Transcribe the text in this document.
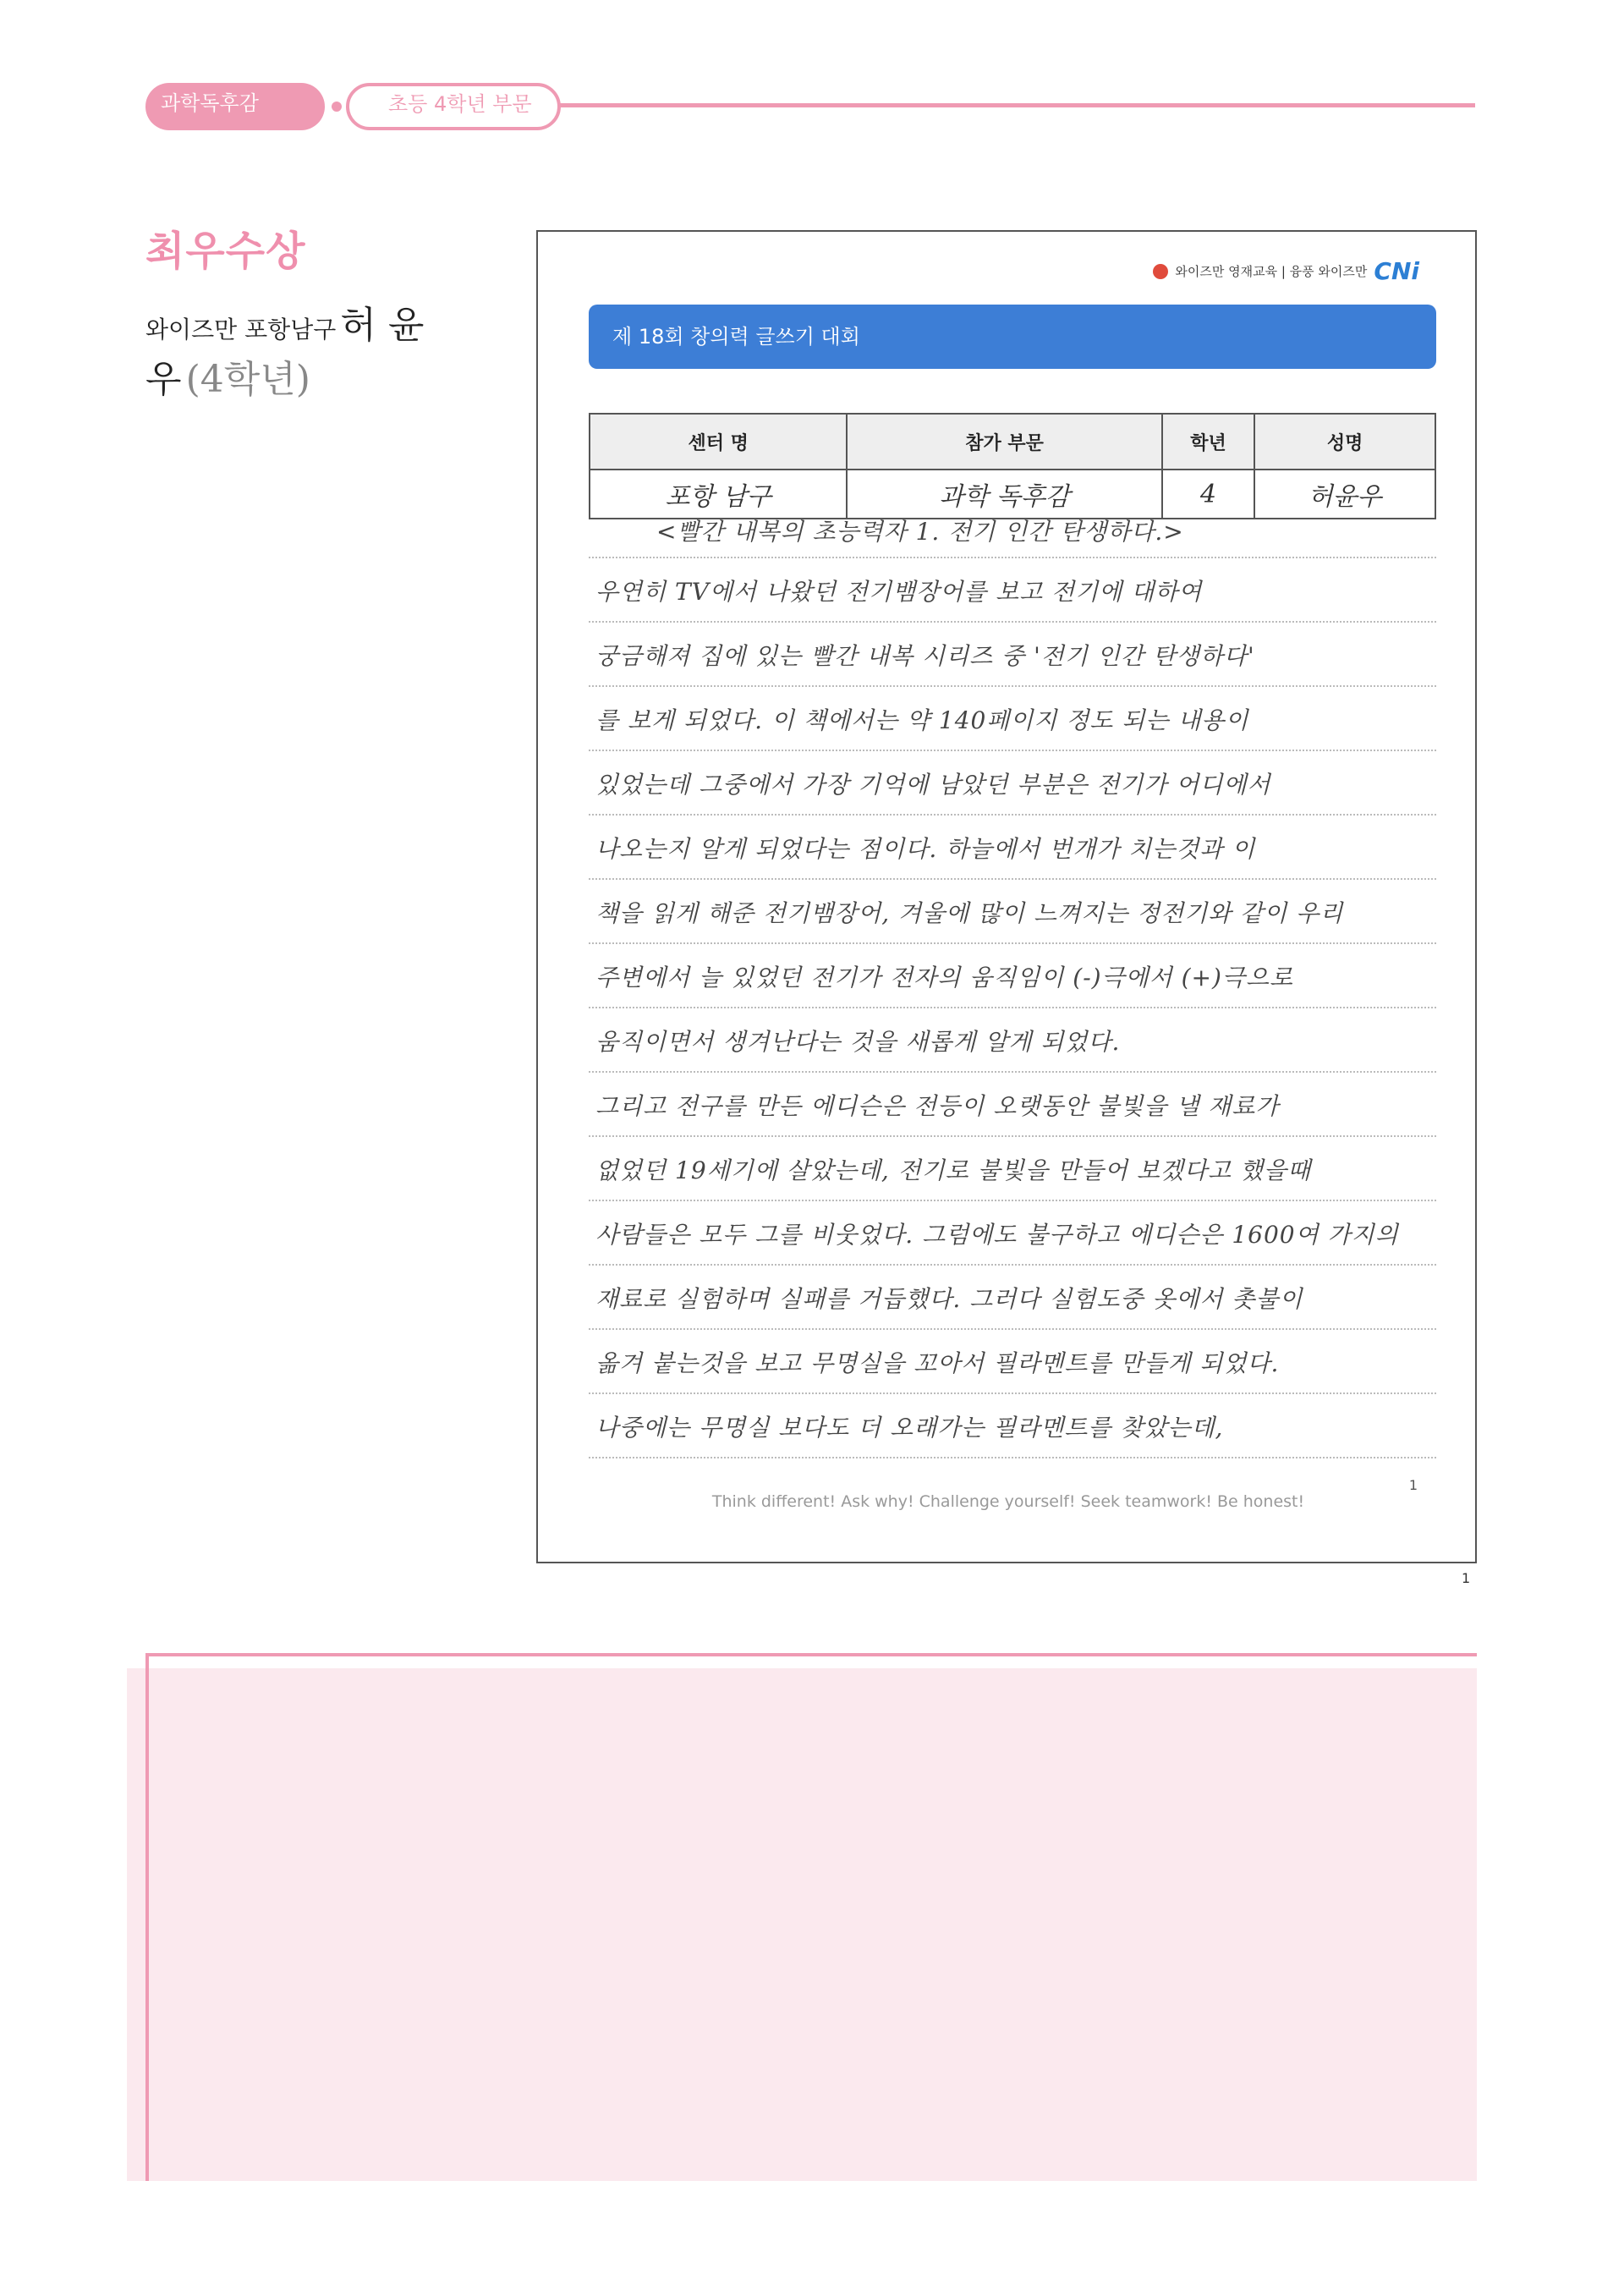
과학독후감	초등 4학년 부문
최우수상
와이즈만 포항남구 허 윤 우 (4학년)
와이즈만 영재교육 | 융풍 와이즈만 CNi
제 18회 창의력 글쓰기 대회
센터 명	참가 부문	학년	성명
포항 남구	과학 독후감	4	허윤우
<빨간 내복의 초능력자 1. 전기 인간 탄생하다.>
우연히 TV에서 나왔던 전기뱀장어를 보고 전기에 대하여
궁금해져 집에 있는 빨간 내복 시리즈 중 '전기 인간 탄생하다'
를 보게 되었다. 이 책에서는 약 140페이지 정도 되는 내용이
있었는데 그중에서 가장 기억에 남았던 부분은 전기가 어디에서
나오는지 알게 되었다는 점이다. 하늘에서 번개가 치는것과 이
책을 읽게 해준 전기뱀장어, 겨울에 많이 느껴지는 정전기와 같이 우리
주변에서 늘 있었던 전기가 전자의 움직임이 (-)극에서 (+)극으로
움직이면서 생겨난다는 것을 새롭게 알게 되었다.
그리고 전구를 만든 에디슨은 전등이 오랫동안 불빛을 낼 재료가
없었던 19세기에 살았는데, 전기로 불빛을 만들어 보겠다고 했을때
사람들은 모두 그를 비웃었다. 그럼에도 불구하고 에디슨은 1600여 가지의
재료로 실험하며 실패를 거듭했다. 그러다 실험도중 옷에서 촛불이
옮겨 붙는것을 보고 무명실을 꼬아서 필라멘트를 만들게 되었다.
나중에는 무명실 보다도 더 오래가는 필라멘트를 찾았는데,
1
Think different! Ask why! Challenge yourself! Seek teamwork! Be honest!
1
